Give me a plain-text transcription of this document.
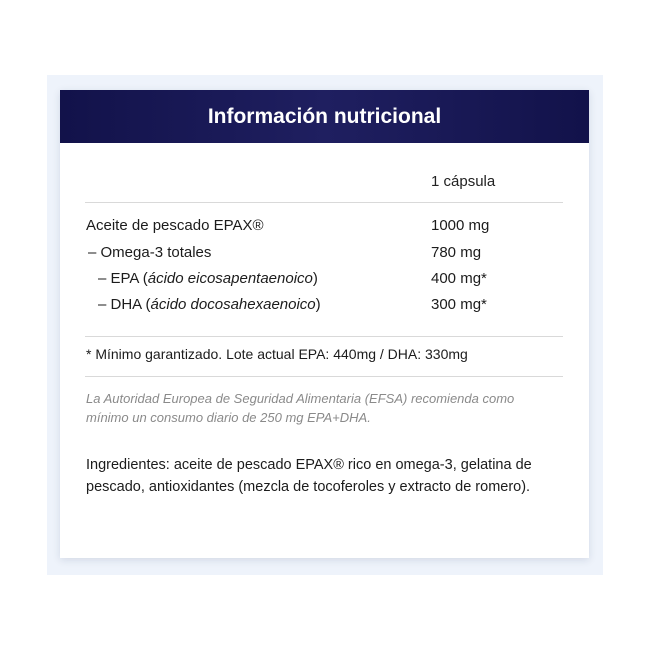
Información nutricional
1 cápsula
Aceite de pescado EPAX®	1000 mg
– Omega-3 totales	780 mg
– EPA (ácido eicosapentaenoico)	400 mg*
– DHA (ácido docosahexaenoico)	300 mg*
* Mínimo garantizado. Lote actual EPA: 440mg / DHA: 330mg
La Autoridad Europea de Seguridad Alimentaria (EFSA) recomienda como mínimo un consumo diario de 250 mg EPA+DHA.
Ingredientes: aceite de pescado EPAX® rico en omega-3, gelatina de pescado, antioxidantes (mezcla de tocoferoles y extracto de romero).
